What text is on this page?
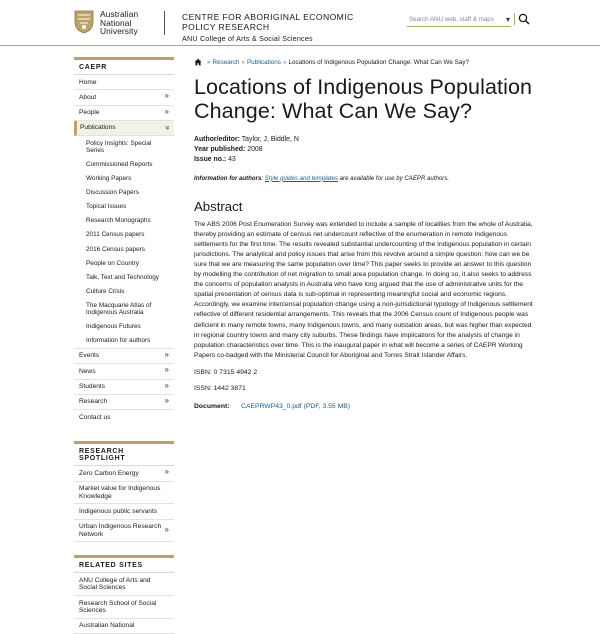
Australian
National
University
CENTRE FOR ABORIGINAL ECONOMIC POLICY RESEARCH
ANU College of Arts & Social Sciences
Search ANU web, staff & maps
▾
CAEPR
Home
About	»
People	»
Publications	«
Policy Insights: Special Series
Commissioned Reports
Working Papers
Discussion Papers
Topical Issues
Research Monographs
2011 Census papers
2016 Census papers
People on Country
Talk, Text and Technology
Culture Crisis
The Macquarie Atlas of Indigenous Australia
Indigenous Futures
Information for authors
Events	»
News	»
Students	»
Research	»
Contact us
RESEARCH SPOTLIGHT
Zero Carbon Energy	»
Market value for Indigenous Knowledge
Indigenous public servants
Urban Indigenous Research Network
»
RELATED SITES
ANU College of Arts and Social Sciences
Research School of Social Sciences
Australian National
» Research » Publications » Locations of Indigenous Population Change: What Can We Say?
Locations of Indigenous Population Change: What Can We Say?
Author/editor: Taylor, J, Biddle, N
Year published: 2008
Issue no.: 43
Information for authors: Style guides and templates are available for use by CAEPR authors.
Abstract

The ABS 2006 Post Enumeration Survey was extended to include a sample of localities from the whole of Australia, thereby providing an estimate of census net undercount reflective of the enumeration in remote Indigenous settlements for the first time. The results revealed substantial undercounting of the Indigenous population in certain jurisdictions. The analytical and policy issues that arise from this revolve around a simple question: how can we be sure that we are measuring the same population over time? This paper seeks to provide an answer to this question by modelling the contribution of net migration to small area population change. In doing so, it also seeks to address the concerns of population analysts in Australia who have long argued that the use of administrative units for the spatial presentation of census data is sub-optimal in representing meaningful social and economic regions. Accordingly, we examine intercensal population change using a non-jurisdictional typology of Indigenous settlement reflective of different residential arrangements. This reveals that the 2006 Census count of Indigenous people was deficient in many remote towns, many Indigenous towns, and many outstation areas, but was higher than expected in regional country towns and many city suburbs. These findings have implications for the analysis of change in population characteristics over time. This is the inaugural paper in what will become a series of CAEPR Working Papers co-badged with the Ministerial Council for Aboriginal and Torres Strait Islander Affairs.

ISBN: 0 7315 4942 2
ISSN: 1442 3871
Document:	CAEPRWP43_0.pdf (PDF, 3.55 MB)
